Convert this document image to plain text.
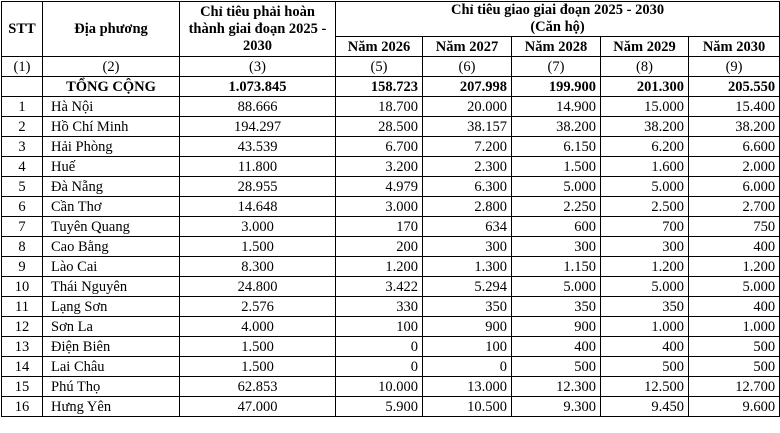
STT	Địa phương	Chỉ tiêu phải hoàn thành giai đoạn 2025 - 2030	Chỉ tiêu giao giai đoạn 2025 - 2030
(Căn hộ)				

			Năm 2026	Năm 2027	Năm 2028	Năm 2029	Năm 2030
(1)	(2)	(3)	(5)	(6)	(7)	(8)	(9)
	TỔNG CỘNG	1.073.845	158.723	207.998	199.900	201.300	205.550
1	Hà Nội	88.666	18.700	20.000	14.900	15.000	15.400
2	Hồ Chí Minh	194.297	28.500	38.157	38.200	38.200	38.200
3	Hải Phòng	43.539	6.700	7.200	6.150	6.200	6.600
4	Huế	11.800	3.200	2.300	1.500	1.600	2.000
5	Đà Nẵng	28.955	4.979	6.300	5.000	5.000	6.000
6	Cần Thơ	14.648	3.000	2.800	2.250	2.500	2.700
7	Tuyên Quang	3.000	170	634	600	700	750
8	Cao Bằng	1.500	200	300	300	300	400
9	Lào Cai	8.300	1.200	1.300	1.150	1.200	1.200
10	Thái Nguyên	24.800	3.422	5.294	5.000	5.000	5.000
11	Lạng Sơn	2.576	330	350	350	350	400
12	Sơn La	4.000	100	900	900	1.000	1.000
13	Điện Biên	1.500	0	100	400	400	500
14	Lai Châu	1.500	0	0	500	500	500
15	Phú Thọ	62.853	10.000	13.000	12.300	12.500	12.700
16	Hưng Yên	47.000	5.900	10.500	9.300	9.450	9.600
